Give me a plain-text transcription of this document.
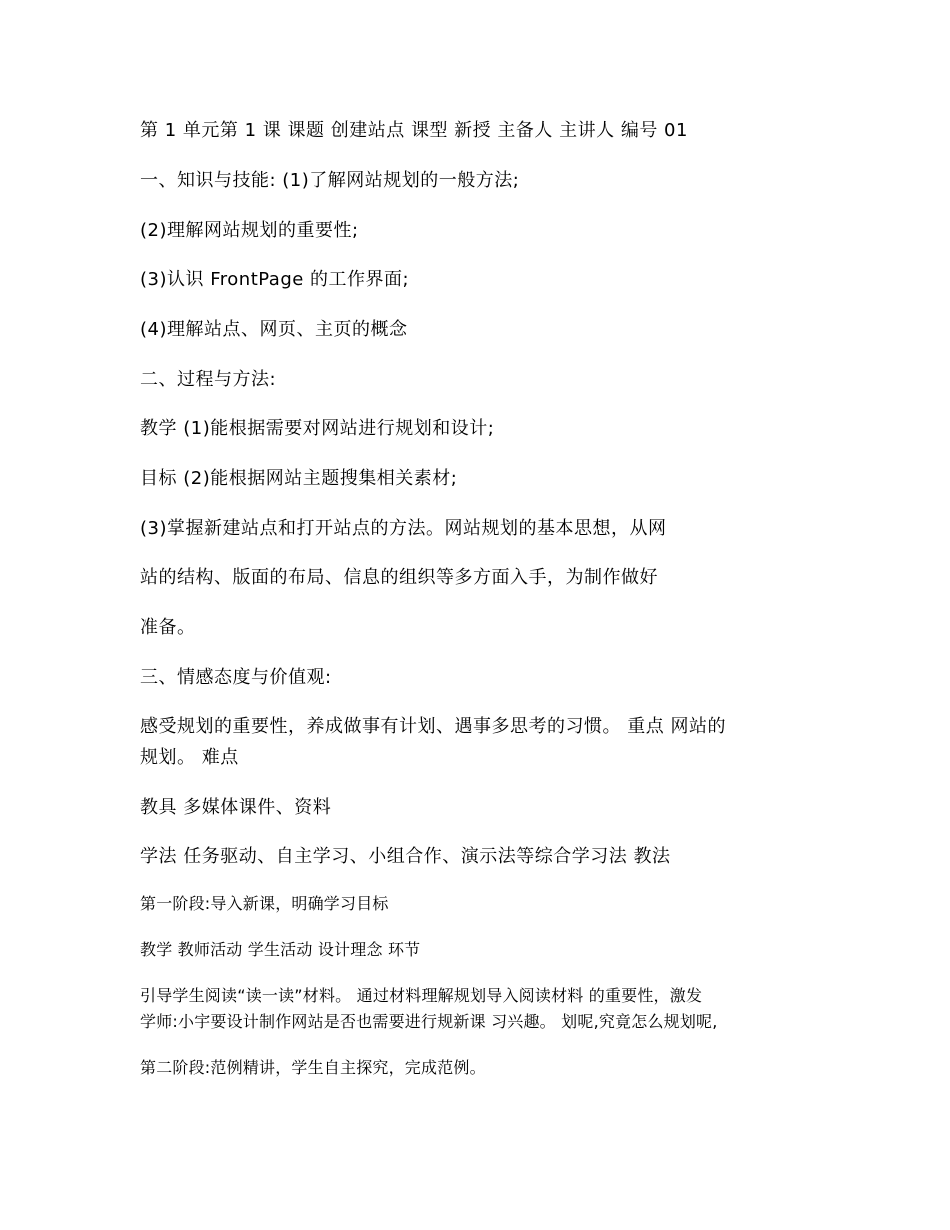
第 1 单元第 1 课 课题 创建站点 课型 新授 主备人 主讲人 编号 01
一、知识与技能: (1)了解网站规划的一般方法;
(2)理解网站规划的重要性;
(3)认识 FrontPage 的工作界面;
(4)理解站点、网页、主页的概念
二、过程与方法:
教学 (1)能根据需要对网站进行规划和设计;
目标 (2)能根据网站主题搜集相关素材;
(3)掌握新建站点和打开站点的方法。网站规划的基本思想，从网
站的结构、版面的布局、信息的组织等多方面入手，为制作做好
准备。
三、情感态度与价值观:
感受规划的重要性，养成做事有计划、遇事多思考的习惯。 重点 网站的
规划。 难点
教具 多媒体课件、资料
学法 任务驱动、自主学习、小组合作、演示法等综合学习法 教法
第一阶段:导入新课，明确学习目标
教学 教师活动 学生活动 设计理念 环节
引导学生阅读“读一读”材料。 通过材料理解规划导入阅读材料 的重要性，激发
学师:小宇要设计制作网站是否也需要进行规新课 习兴趣。 划呢,究竟怎么规划呢,
第二阶段:范例精讲，学生自主探究，完成范例。
